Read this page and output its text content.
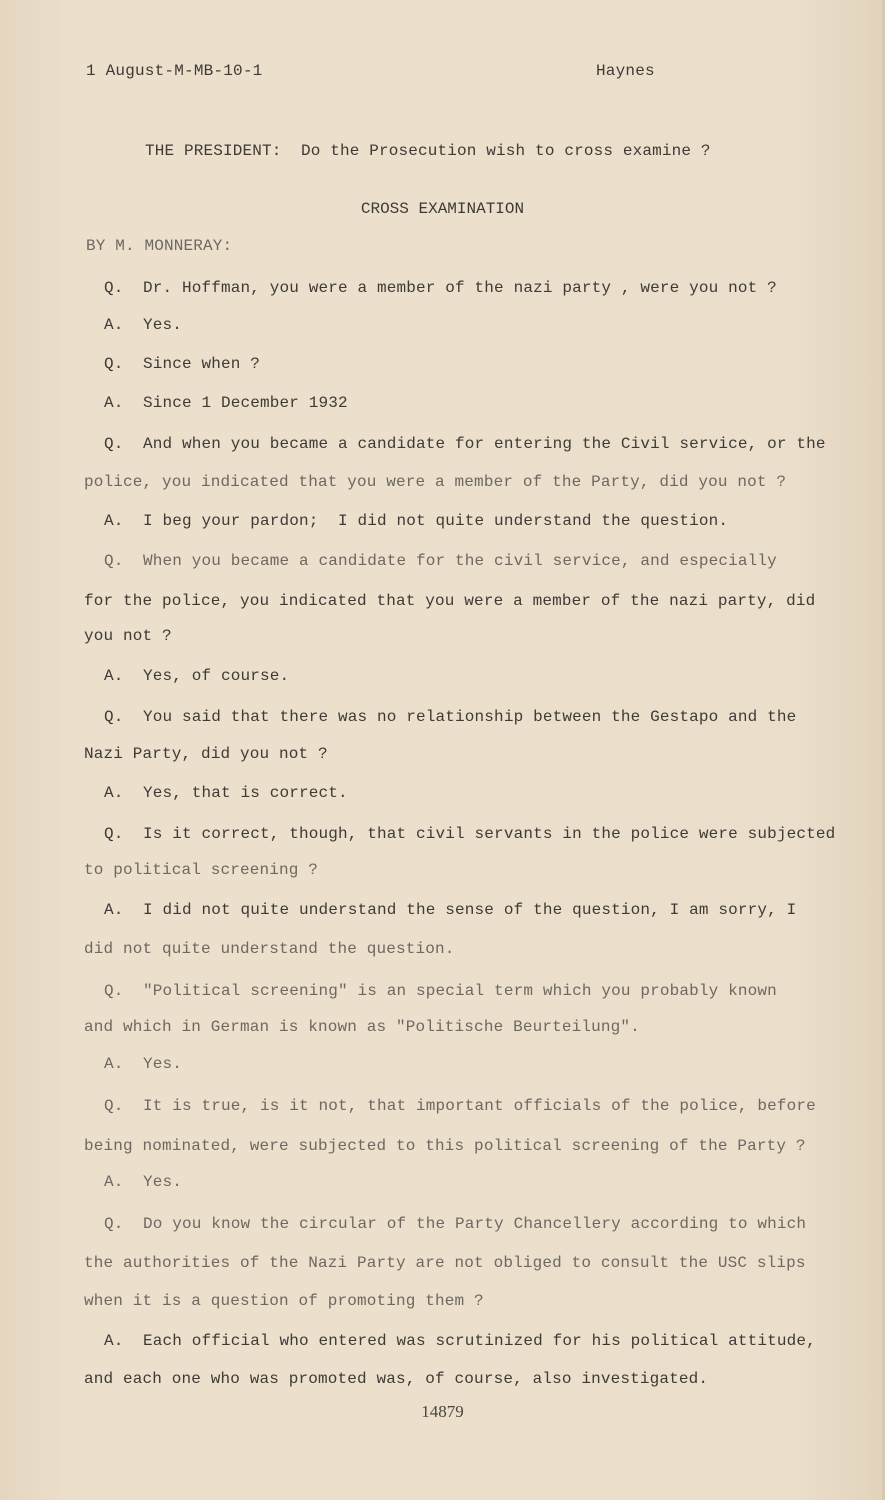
1 August-M-MB-10-1	Haynes
THE PRESIDENT:  Do the Prosecution wish to cross examine ?
CROSS EXAMINATION
BY M. MONNERAY:
Q.  Dr. Hoffman, you were a member of the nazi party , were you not ?
A.  Yes.
Q.  Since when ?
A.  Since 1 December 1932
Q.  And when you became a candidate for entering the Civil service, or the
police, you indicated that you were a member of the Party, did you not ?
A.  I beg your pardon;  I did not quite understand the question.
Q.  When you became a candidate for the civil service, and especially
for the police, you indicated that you were a member of the nazi party, did
you not ?
A.  Yes, of course.
Q.  You said that there was no relationship between the Gestapo and the
Nazi Party, did you not ?
A.  Yes, that is correct.
Q.  Is it correct, though, that civil servants in the police were subjected
to political screening ?
A.  I did not quite understand the sense of the question, I am sorry, I
did not quite understand the question.
Q.  "Political screening" is an special term which you probably known
and which in German is known as "Politische Beurteilung".
A.  Yes.
Q.  It is true, is it not, that important officials of the police, before
being nominated, were subjected to this political screening of the Party ?
A.  Yes.
Q.  Do you know the circular of the Party Chancellery according to which
the authorities of the Nazi Party are not obliged to consult the USC slips
when it is a question of promoting them ?
A.  Each official who entered was scrutinized for his political attitude,
and each one who was promoted was, of course, also investigated.
14879
